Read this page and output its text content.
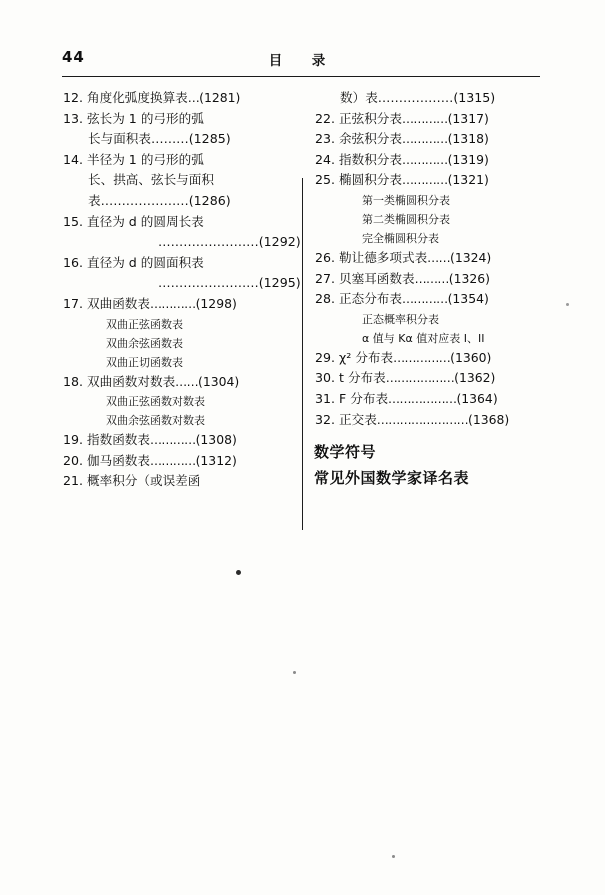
44	目　录
12. 角度化弧度换算表…(1281)
13. 弦长为 1 的弓形的弧
长与面积表………(1285)
14. 半径为 1 的弓形的弧
长、拱高、弦长与面积
表…………………(1286)
15. 直径为 d 的圆周长表
……………………(1292)
16. 直径为 d 的圆面积表
……………………(1295)
17. 双曲函数表…………(1298)
双曲正弦函数表
双曲余弦函数表
双曲正切函数表
18. 双曲函数对数表……(1304)
双曲正弦函数对数表
双曲余弦函数对数表
19. 指数函数表…………(1308)
20. 伽马函数表…………(1312)
21. 概率积分（或误差函
数）表………………(1315)
22. 正弦积分表…………(1317)
23. 余弦积分表…………(1318)
24. 指数积分表…………(1319)
25. 椭圆积分表…………(1321)
第一类椭圆积分表
第二类椭圆积分表
完全椭圆积分表
26. 勒让德多项式表……(1324)
27. 贝塞耳函数表………(1326)
28. 正态分布表…………(1354)
正态概率积分表
α 值与 Kα 值对应表 I、II
29. χ² 分布表……………(1360)
30. t 分布表………………(1362)
31. F 分布表………………(1364)
32. 正交表……………………(1368)
数学符号
常见外国数学家译名表
